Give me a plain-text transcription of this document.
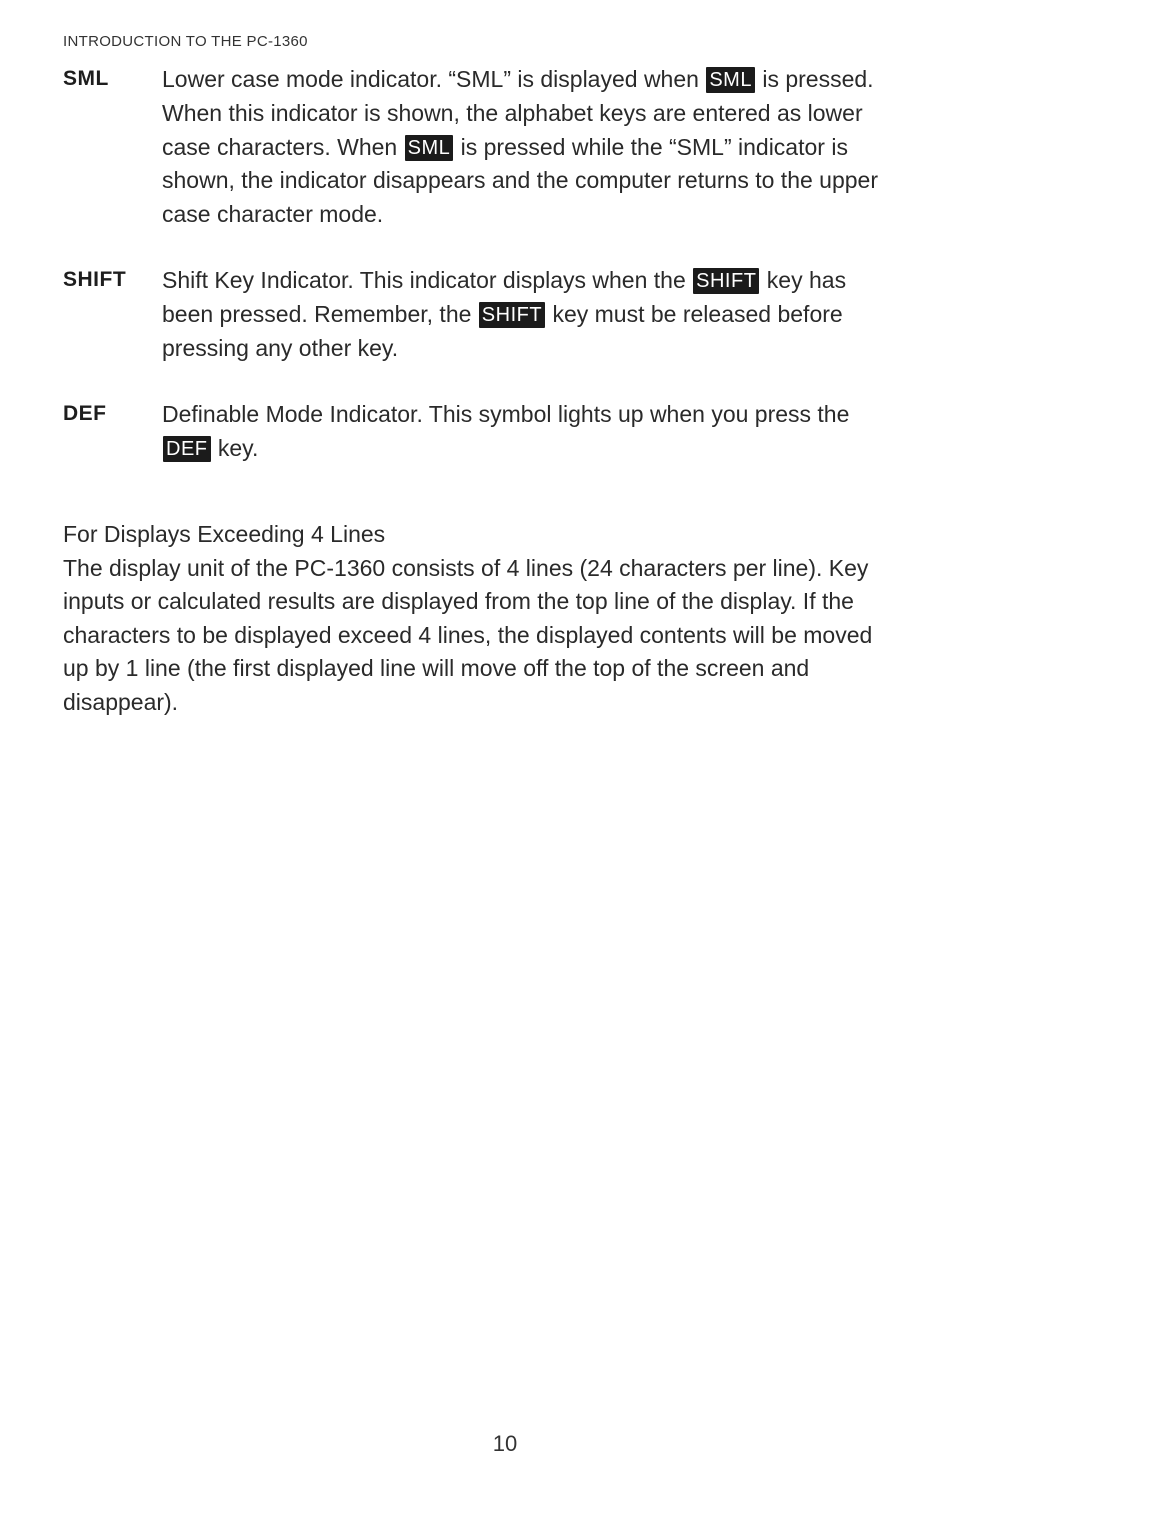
INTRODUCTION TO THE PC-1360
SML Lower case mode indicator. “SML” is displayed when SML is pressed.
When this indicator is shown, the alphabet keys are entered as lower
case characters. When SML is pressed while the “SML” indicator is
shown, the indicator disappears and the computer returns to the upper
case character mode.
SHIFT Shift Key Indicator. This indicator displays when the SHIFT key has
been pressed. Remember, the SHIFT key must be released before
pressing any other key.
DEF Definable Mode Indicator. This symbol lights up when you press the
DEF key.
For Displays Exceeding 4 Lines
The display unit of the PC-1360 consists of 4 lines (24 characters per line). Key
inputs or calculated results are displayed from the top line of the display. If the
characters to be displayed exceed 4 lines, the displayed contents will be moved
up by 1 line (the first displayed line will move off the top of the screen and
disappear).
10
